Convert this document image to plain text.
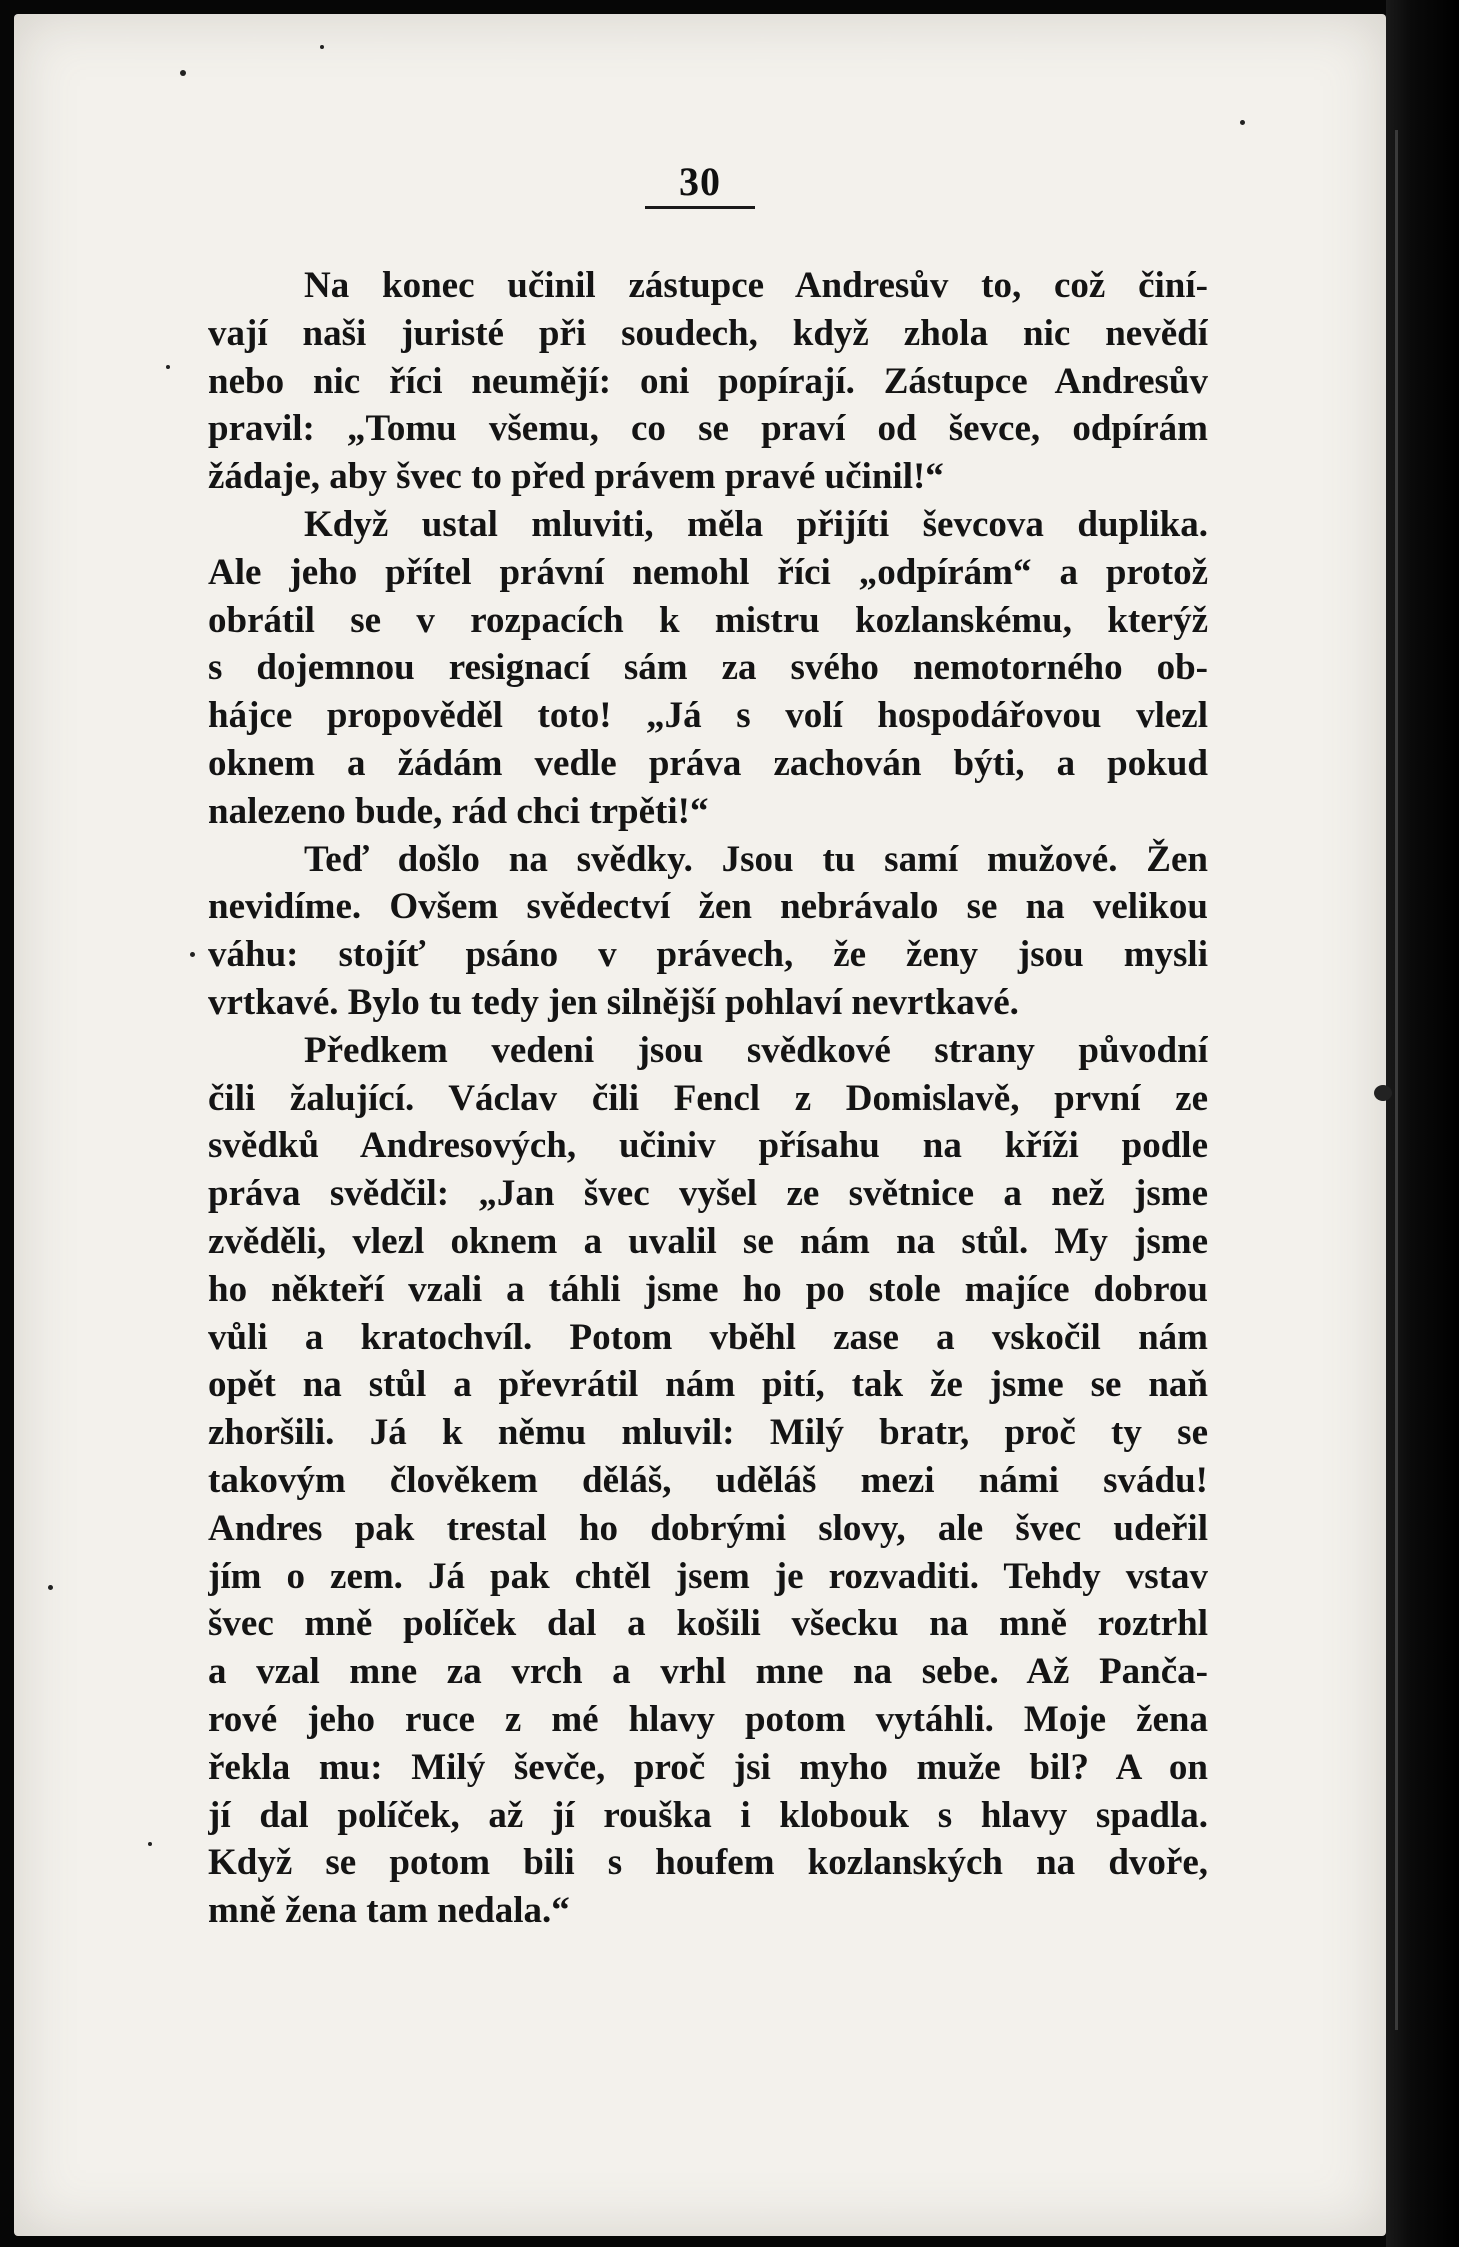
30
Na konec učinil zástupce Andresův to, což činí-
vají naši juristé při soudech, když zhola nic nevědí
nebo nic říci neumějí: oni popírají. Zástupce Andresův
pravil: „Tomu všemu, co se praví od ševce, odpírám
žádaje, aby švec to před právem pravé učinil!“
Když ustal mluviti, měla přijíti ševcova duplika.
Ale jeho přítel právní nemohl říci „odpírám“ a protož
obrátil se v rozpacích k mistru kozlanskému, kterýž
s dojemnou resignací sám za svého nemotorného ob-
hájce propověděl toto! „Já s volí hospodářovou vlezl
oknem a žádám vedle práva zachován býti, a pokud
nalezeno bude, rád chci trpěti!“
Teď došlo na svědky. Jsou tu samí mužové. Žen
nevidíme. Ovšem svědectví žen nebrávalo se na velikou
váhu: stojíť psáno v právech, že ženy jsou mysli
vrtkavé. Bylo tu tedy jen silnější pohlaví nevrtkavé.
Předkem vedeni jsou svědkové strany původní
čili žalující. Václav čili Fencl z Domislavě, první ze
svědků Andresových, učiniv přísahu na kříži podle
práva svědčil: „Jan švec vyšel ze světnice a než jsme
zvěděli, vlezl oknem a uvalil se nám na stůl. My jsme
ho někteří vzali a táhli jsme ho po stole majíce dobrou
vůli a kratochvíl. Potom vběhl zase a vskočil nám
opět na stůl a převrátil nám pití, tak že jsme se naň
zhoršili. Já k němu mluvil: Milý bratr, proč ty se
takovým člověkem děláš, uděláš mezi námi svádu!
Andres pak trestal ho dobrými slovy, ale švec udeřil
jím o zem. Já pak chtěl jsem je rozvaditi. Tehdy vstav
švec mně políček dal a košili všecku na mně roztrhl
a vzal mne za vrch a vrhl mne na sebe. Až Panča-
rové jeho ruce z mé hlavy potom vytáhli. Moje žena
řekla mu: Milý ševče, proč jsi myho muže bil? A on
jí dal políček, až jí rouška i klobouk s hlavy spadla.
Když se potom bili s houfem kozlanských na dvoře,
mně žena tam nedala.“
